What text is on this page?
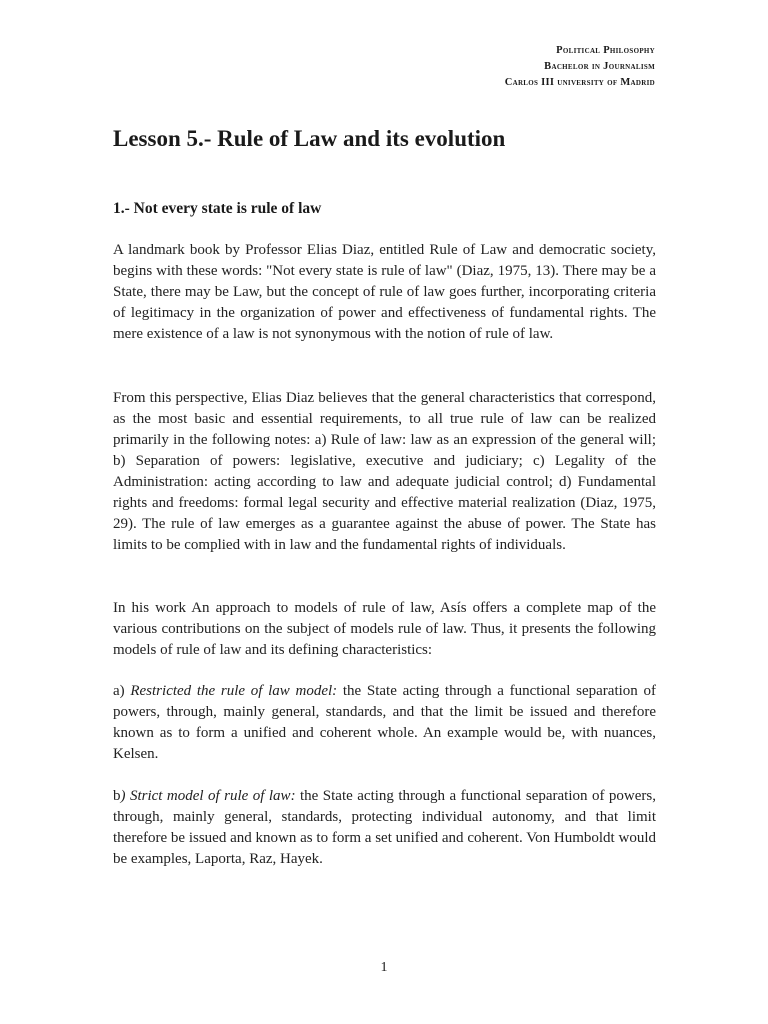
Political Philosophy
Bachelor in Journalism
Carlos III university of Madrid
Lesson 5.- Rule of Law and its evolution
1.- Not every state is rule of law

A landmark book by Professor Elias Diaz, entitled Rule of Law and democratic society, begins with these words: "Not every state is rule of law" (Diaz, 1975, 13). There may be a State, there may be Law, but the concept of rule of law goes further, incorporating criteria of legitimacy in the organization of power and effectiveness of fundamental rights. The mere existence of a law is not synonymous with the notion of rule of law.

From this perspective, Elias Diaz believes that the general characteristics that correspond, as the most basic and essential requirements, to all true rule of law can be realized primarily in the following notes: a) Rule of law: law as an expression of the general will; b) Separation of powers: legislative, executive and judiciary; c) Legality of the Administration: acting according to law and adequate judicial control; d) Fundamental rights and freedoms: formal legal security and effective material realization (Diaz, 1975, 29). The rule of law emerges as a guarantee against the abuse of power. The State has limits to be complied with in law and the fundamental rights of individuals.

In his work An approach to models of rule of law, Asís offers a complete map of the various contributions on the subject of models rule of law. Thus, it presents the following models of rule of law and its defining characteristics:

a) Restricted the rule of law model: the State acting through a functional separation of powers, through, mainly general, standards, and that the limit be issued and therefore known as to form a unified and coherent whole. An example would be, with nuances, Kelsen.

b) Strict model of rule of law: the State acting through a functional separation of powers, through, mainly general, standards, protecting individual autonomy, and that limit therefore be issued and known as to form a set unified and coherent. Von Humboldt would be examples, Laporta, Raz, Hayek.

1
